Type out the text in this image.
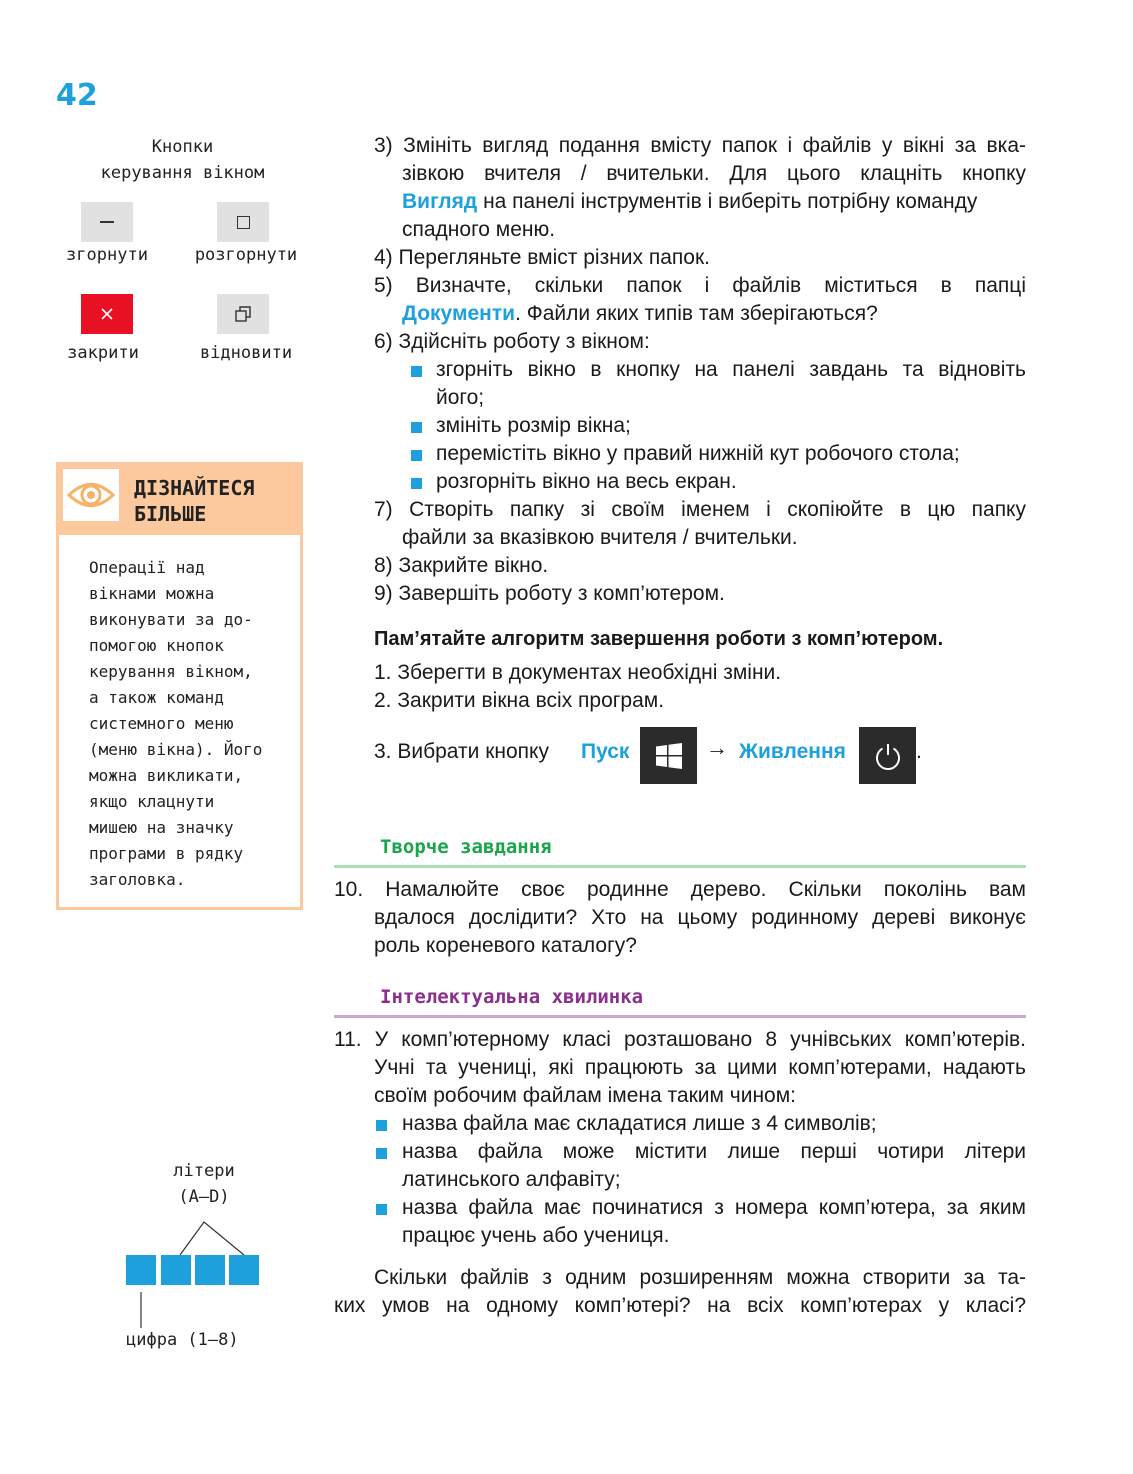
42
Кнопки
керування вікном
згорнути	розгорнути
закрити	відновити
ДІЗНАЙТЕСЯ
БІЛЬШЕ
Операції над
вікнами можна
виконувати за до-
помогою кнопок
керування вікном,
а також команд
системного меню
(меню вікна). Його
можна викликати,
якщо клацнути
мишею на значку
програми в рядку
заголовка.
3) Змініть вигляд подання вмісту папок і файлів у вікні за вка-
зівкою вчителя / вчительки. Для цього клацніть кнопку
Вигляд на панелі інструментів і виберіть потрібну команду
спадного меню.
4) Перегляньте вміст різних папок.
5) Визначте, скільки папок і файлів міститься в папці
Документи. Файли яких типів там зберігаються?
6) Здійсніть роботу з вікном:
згорніть вікно в кнопку на панелі завдань та відновіть
його;
змініть розмір вікна;
перемістіть вікно у правий нижній кут робочого стола;
розгорніть вікно на весь екран.
7) Створіть папку зі своїм іменем і скопіюйте в цю папку
файли за вказівкою вчителя / вчительки.
8) Закрийте вікно.
9) Завершіть роботу з комп’ютером.
Пам’ятайте алгоритм завершення роботи з комп’ютером.
1. Зберегти в документах необхідні зміни.
2. Закрити вікна всіх програм.
3. Вибрати кнопку Пуск	→ Живлення	.
Творче завдання
10. Намалюйте своє родинне дерево. Скільки поколінь вам
вдалося дослідити? Хто на цьому родинному дереві виконує
роль кореневого каталогу?
Інтелектуальна хвилинка
11. У комп’ютерному класі розташовано 8 учнівських комп’ютерів.
Учні та учениці, які працюють за цими комп’ютерами, надають
своїм робочим файлам імена таким чином:
назва файла має складатися лише з 4 символів;
назва файла може містити лише перші чотири літери
латинського алфавіту;
назва файла має починатися з номера комп’ютера, за яким
працює учень або учениця.
Скільки файлів з одним розширенням можна створити за та-
ких умов на одному комп’ютері? на всіх комп’ютерах у класі?
літери
(A–D)
цифра (1–8)
